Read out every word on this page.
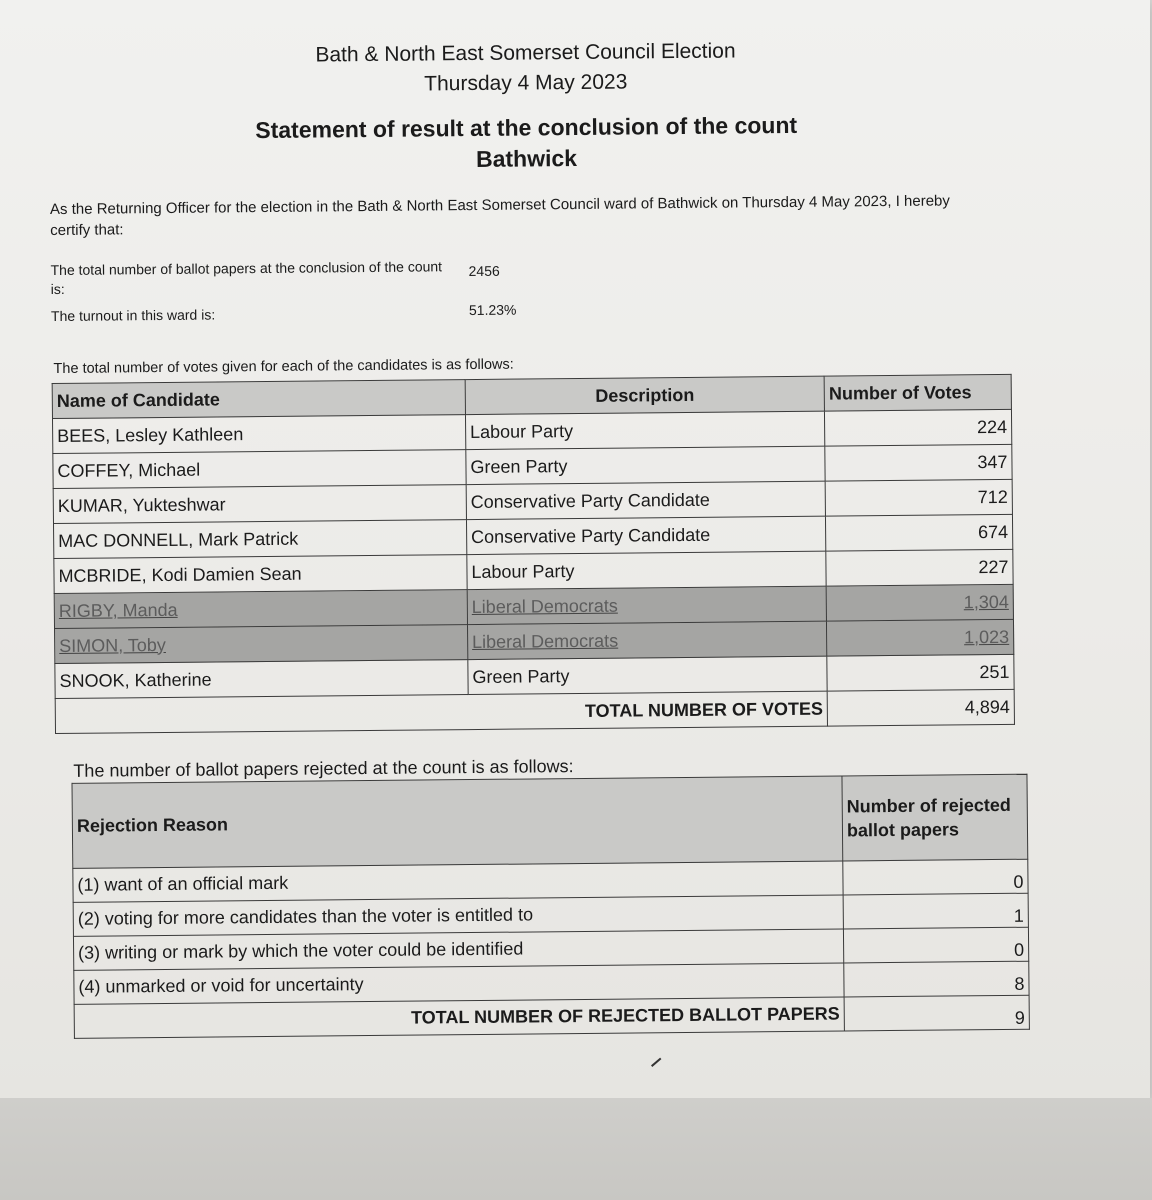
Bath & North East Somerset Council Election
Thursday 4 May 2023
Statement of result at the conclusion of the count
Bathwick
As the Returning Officer for the election in the Bath & North East Somerset Council ward of Bathwick on Thursday 4 May 2023, I hereby certify that:
The total number of ballot papers at the conclusion of the count is:
2456
The turnout in this ward is:	51.23%
The total number of votes given for each of the candidates is as follows:
Name of Candidate	Description	Number of Votes
BEES, Lesley Kathleen	Labour Party	224
COFFEY, Michael	Green Party	347
KUMAR, Yukteshwar	Conservative Party Candidate	712
MAC DONNELL, Mark Patrick	Conservative Party Candidate	674
MCBRIDE, Kodi Damien Sean	Labour Party	227
RIGBY, Manda	Liberal Democrats	1,304
SIMON, Toby	Liberal Democrats	1,023
SNOOK, Katherine	Green Party	251
TOTAL NUMBER OF VOTES		4,894
The number of ballot papers rejected at the count is as follows:
Rejection Reason	Number of rejected ballot papers
(1) want of an official mark	0
(2) voting for more candidates than the voter is entitled to	1
(3) writing or mark by which the voter could be identified	0
(4) unmarked or void for uncertainty	8
TOTAL NUMBER OF REJECTED BALLOT PAPERS	9
